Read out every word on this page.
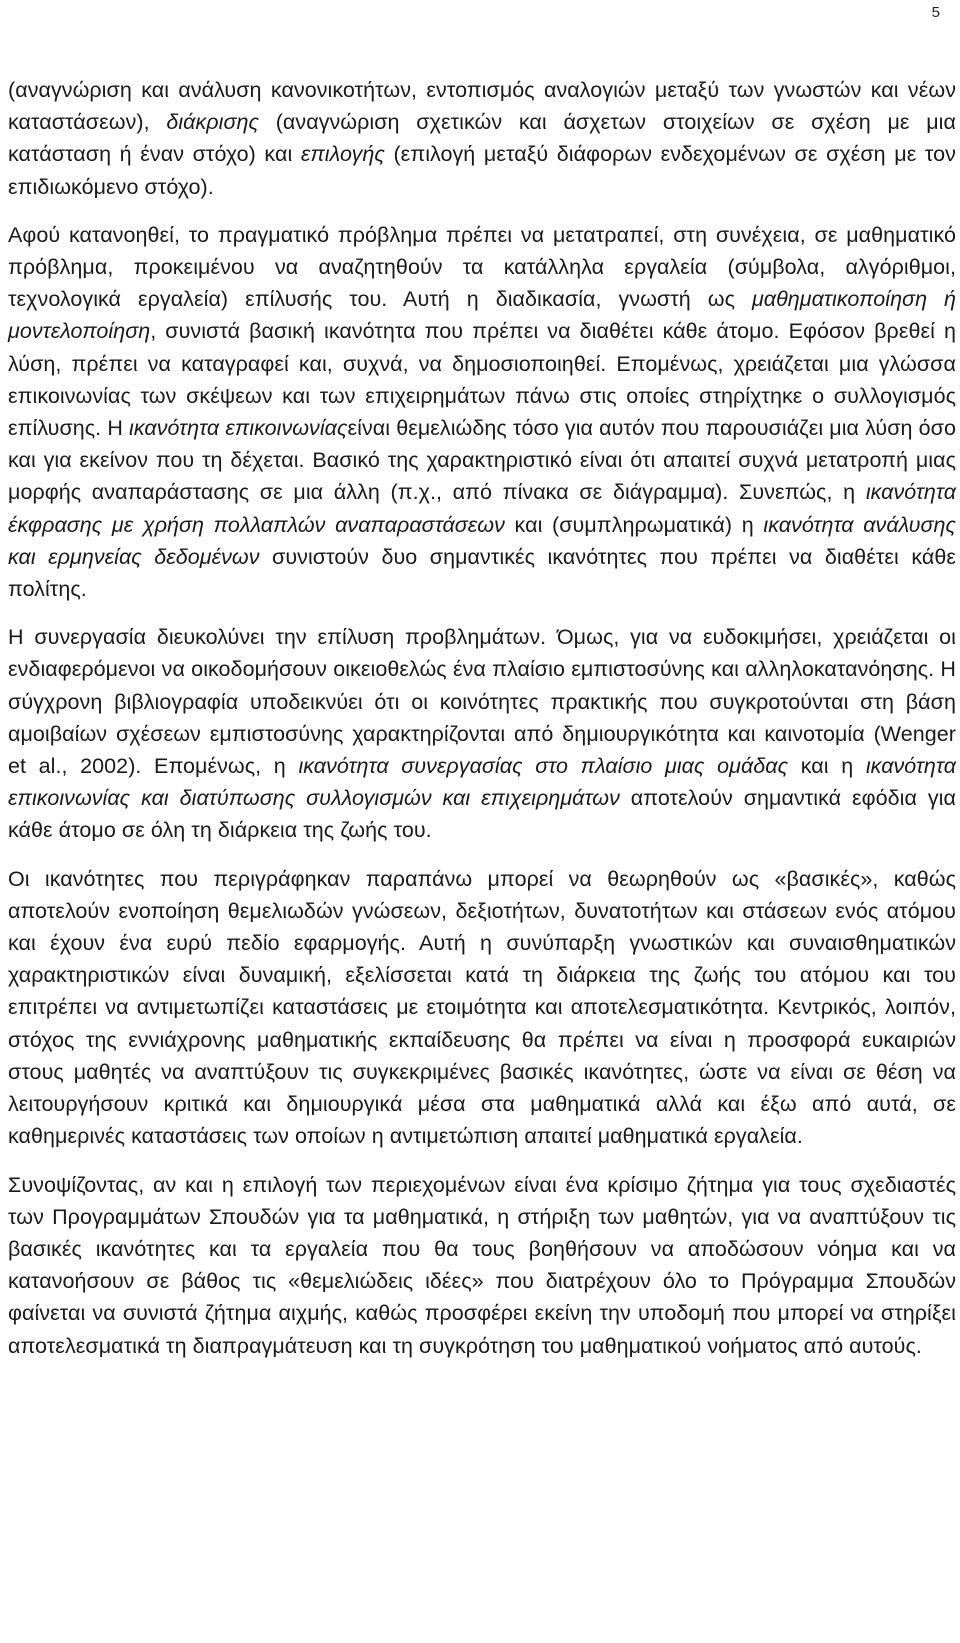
5

(αναγνώριση και ανάλυση κανονικοτήτων, εντοπισμός αναλογιών μεταξύ των γνωστών και νέων καταστάσεων), διάκρισης (αναγνώριση σχετικών και άσχετων στοιχείων σε σχέση με μια κατάσταση ή έναν στόχο) και επιλογής (επιλογή μεταξύ διάφορων ενδεχομένων σε σχέση με τον επιδιωκόμενο στόχο).

Αφού κατανοηθεί, το πραγματικό πρόβλημα πρέπει να μετατραπεί, στη συνέχεια, σε μαθηματικό πρόβλημα, προκειμένου να αναζητηθούν τα κατάλληλα εργαλεία (σύμβολα, αλγόριθμοι, τεχνολογικά εργαλεία) επίλυσής του. Αυτή η διαδικασία, γνωστή ως μαθηματικοποίηση ή μοντελοποίηση, συνιστά βασική ικανότητα που πρέπει να διαθέτει κάθε άτομο. Εφόσον βρεθεί η λύση, πρέπει να καταγραφεί και, συχνά, να δημοσιοποιηθεί. Επομένως, χρειάζεται μια γλώσσα επικοινωνίας των σκέψεων και των επιχειρημάτων πάνω στις οποίες στηρίχτηκε ο συλλογισμός επίλυσης. Η ικανότητα επικοινωνίαςείναι θεμελιώδης τόσο για αυτόν που παρουσιάζει μια λύση όσο και για εκείνον που τη δέχεται. Βασικό της χαρακτηριστικό είναι ότι απαιτεί συχνά μετατροπή μιας μορφής αναπαράστασης σε μια άλλη (π.χ., από πίνακα σε διάγραμμα). Συνεπώς, η ικανότητα έκφρασης με χρήση πολλαπλών αναπαραστάσεων και (συμπληρωματικά) η ικανότητα ανάλυσης και ερμηνείας δεδομένων συνιστούν δυο σημαντικές ικανότητες που πρέπει να διαθέτει κάθε πολίτης.

Η συνεργασία διευκολύνει την επίλυση προβλημάτων. Όμως, για να ευδοκιμήσει, χρειάζεται οι ενδιαφερόμενοι να οικοδομήσουν οικειοθελώς ένα πλαίσιο εμπιστοσύνης και αλληλοκατανόησης. Η σύγχρονη βιβλιογραφία υποδεικνύει ότι οι κοινότητες πρακτικής που συγκροτούνται στη βάση αμοιβαίων σχέσεων εμπιστοσύνης χαρακτηρίζονται από δημιουργικότητα και καινοτομία (Wenger et al., 2002). Επομένως, η ικανότητα συνεργασίας στο πλαίσιο μιας ομάδας και η ικανότητα επικοινωνίας και διατύπωσης συλλογισμών και επιχειρημάτων αποτελούν σημαντικά εφόδια για κάθε άτομο σε όλη τη διάρκεια της ζωής του.

Οι ικανότητες που περιγράφηκαν παραπάνω μπορεί να θεωρηθούν ως «βασικές», καθώς αποτελούν ενοποίηση θεμελιωδών γνώσεων, δεξιοτήτων, δυνατοτήτων και στάσεων ενός ατόμου και έχουν ένα ευρύ πεδίο εφαρμογής. Αυτή η συνύπαρξη γνωστικών και συναισθηματικών χαρακτηριστικών είναι δυναμική, εξελίσσεται κατά τη διάρκεια της ζωής του ατόμου και του επιτρέπει να αντιμετωπίζει καταστάσεις με ετοιμότητα και αποτελεσματικότητα. Κεντρικός, λοιπόν, στόχος της εννιάχρονης μαθηματικής εκπαίδευσης θα πρέπει να είναι η προσφορά ευκαιριών στους μαθητές να αναπτύξουν τις συγκεκριμένες βασικές ικανότητες, ώστε να είναι σε θέση να λειτουργήσουν κριτικά και δημιουργικά μέσα στα μαθηματικά αλλά και έξω από αυτά, σε καθημερινές καταστάσεις των οποίων η αντιμετώπιση απαιτεί μαθηματικά εργαλεία.

Συνοψίζοντας, αν και η επιλογή των περιεχομένων είναι ένα κρίσιμο ζήτημα για τους σχεδιαστές των Προγραμμάτων Σπουδών για τα μαθηματικά, η στήριξη των μαθητών, για να αναπτύξουν τις βασικές ικανότητες και τα εργαλεία που θα τους βοηθήσουν να αποδώσουν νόημα και να κατανοήσουν σε βάθος τις «θεμελιώδεις ιδέες» που διατρέχουν όλο το Πρόγραμμα Σπουδών φαίνεται να συνιστά ζήτημα αιχμής, καθώς προσφέρει εκείνη την υποδομή που μπορεί να στηρίξει αποτελεσματικά τη διαπραγμάτευση και τη συγκρότηση του μαθηματικού νοήματος από αυτούς.
